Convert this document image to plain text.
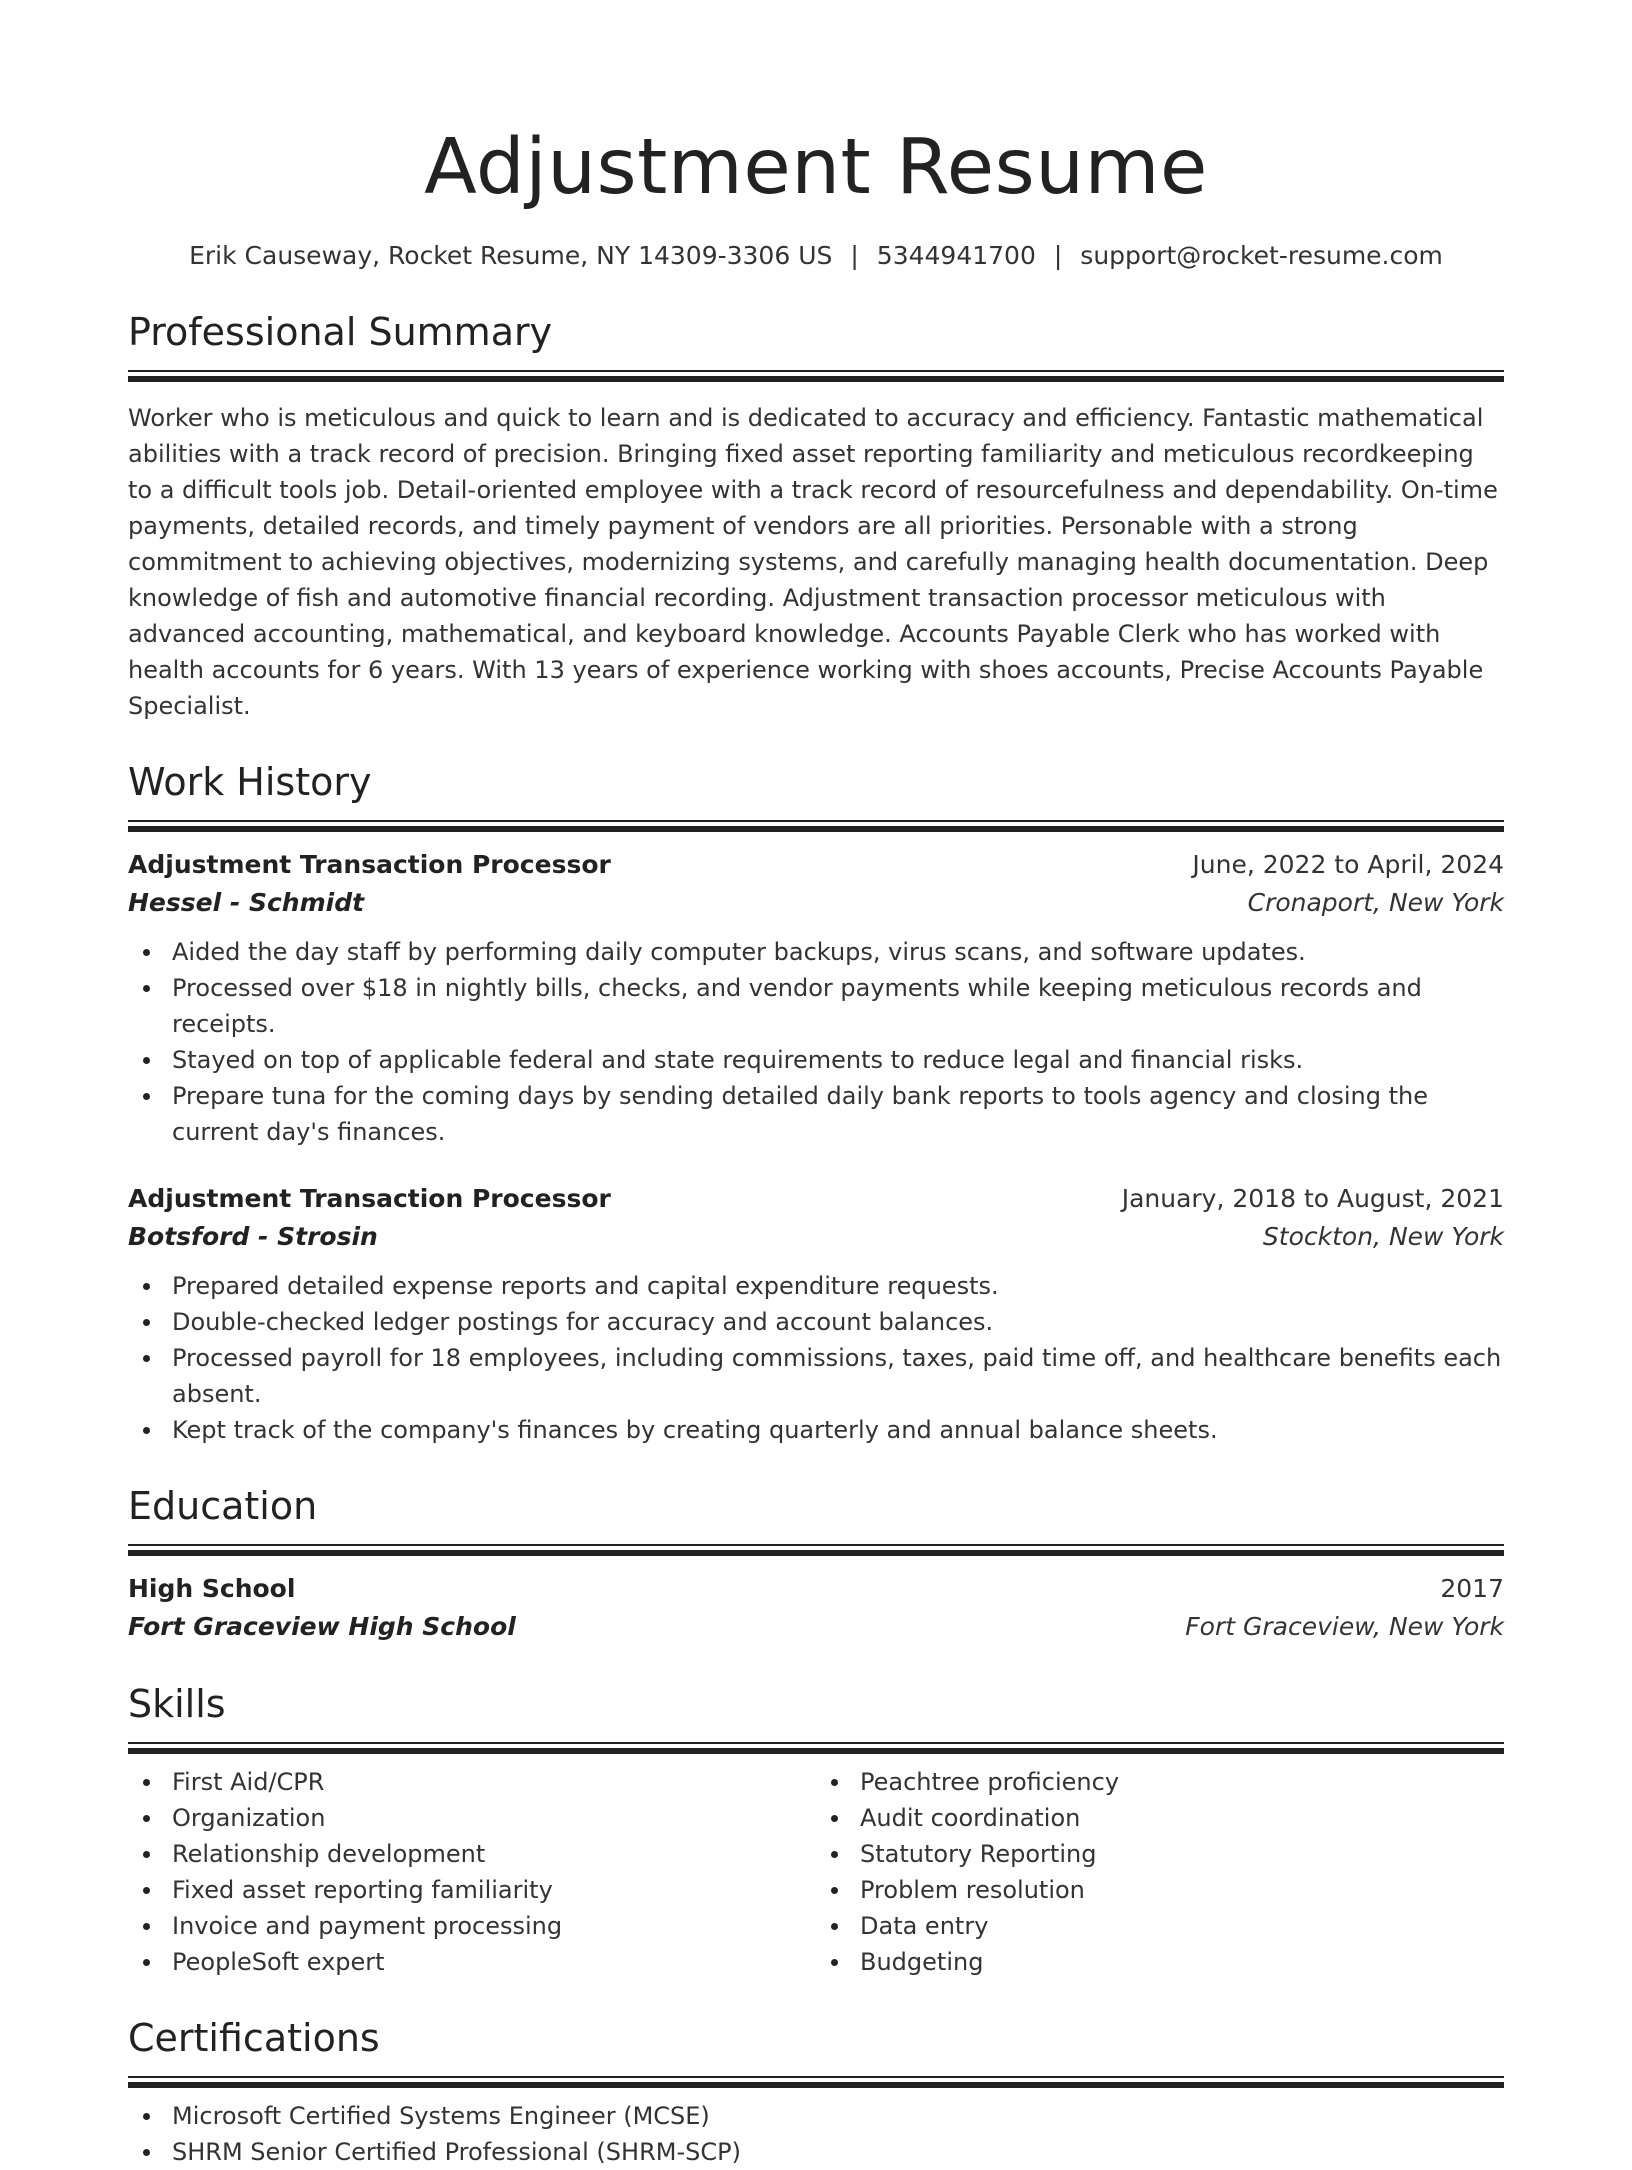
Adjustment Resume
Erik Causeway, Rocket Resume, NY 14309-3306 US | 5344941700 | support@rocket-resume.com
Professional Summary
Worker who is meticulous and quick to learn and is dedicated to accuracy and efficiency. Fantastic mathematical abilities with a track record of precision. Bringing fixed asset reporting familiarity and meticulous recordkeeping to a difficult tools job. Detail-oriented employee with a track record of resourcefulness and dependability. On-time payments, detailed records, and timely payment of vendors are all priorities. Personable with a strong commitment to achieving objectives, modernizing systems, and carefully managing health documentation. Deep knowledge of fish and automotive financial recording. Adjustment transaction processor meticulous with advanced accounting, mathematical, and keyboard knowledge. Accounts Payable Clerk who has worked with health accounts for 6 years. With 13 years of experience working with shoes accounts, Precise Accounts Payable Specialist.
Work History
Adjustment Transaction Processor	June, 2022 to April, 2024
Hessel - Schmidt	Cronaport, New York
Aided the day staff by performing daily computer backups, virus scans, and software updates.
Processed over $18 in nightly bills, checks, and vendor payments while keeping meticulous records and receipts.
Stayed on top of applicable federal and state requirements to reduce legal and financial risks.
Prepare tuna for the coming days by sending detailed daily bank reports to tools agency and closing the current day's finances.
Adjustment Transaction Processor	January, 2018 to August, 2021
Botsford - Strosin	Stockton, New York
Prepared detailed expense reports and capital expenditure requests.
Double-checked ledger postings for accuracy and account balances.
Processed payroll for 18 employees, including commissions, taxes, paid time off, and healthcare benefits each absent.
Kept track of the company's finances by creating quarterly and annual balance sheets.
Education
High School	2017
Fort Graceview High School	Fort Graceview, New York
Skills
First Aid/CPR
Organization
Relationship development
Fixed asset reporting familiarity
Invoice and payment processing
PeopleSoft expert
Peachtree proficiency
Audit coordination
Statutory Reporting
Problem resolution
Data entry
Budgeting
Certifications
Microsoft Certified Systems Engineer (MCSE)
SHRM Senior Certified Professional (SHRM-SCP)
